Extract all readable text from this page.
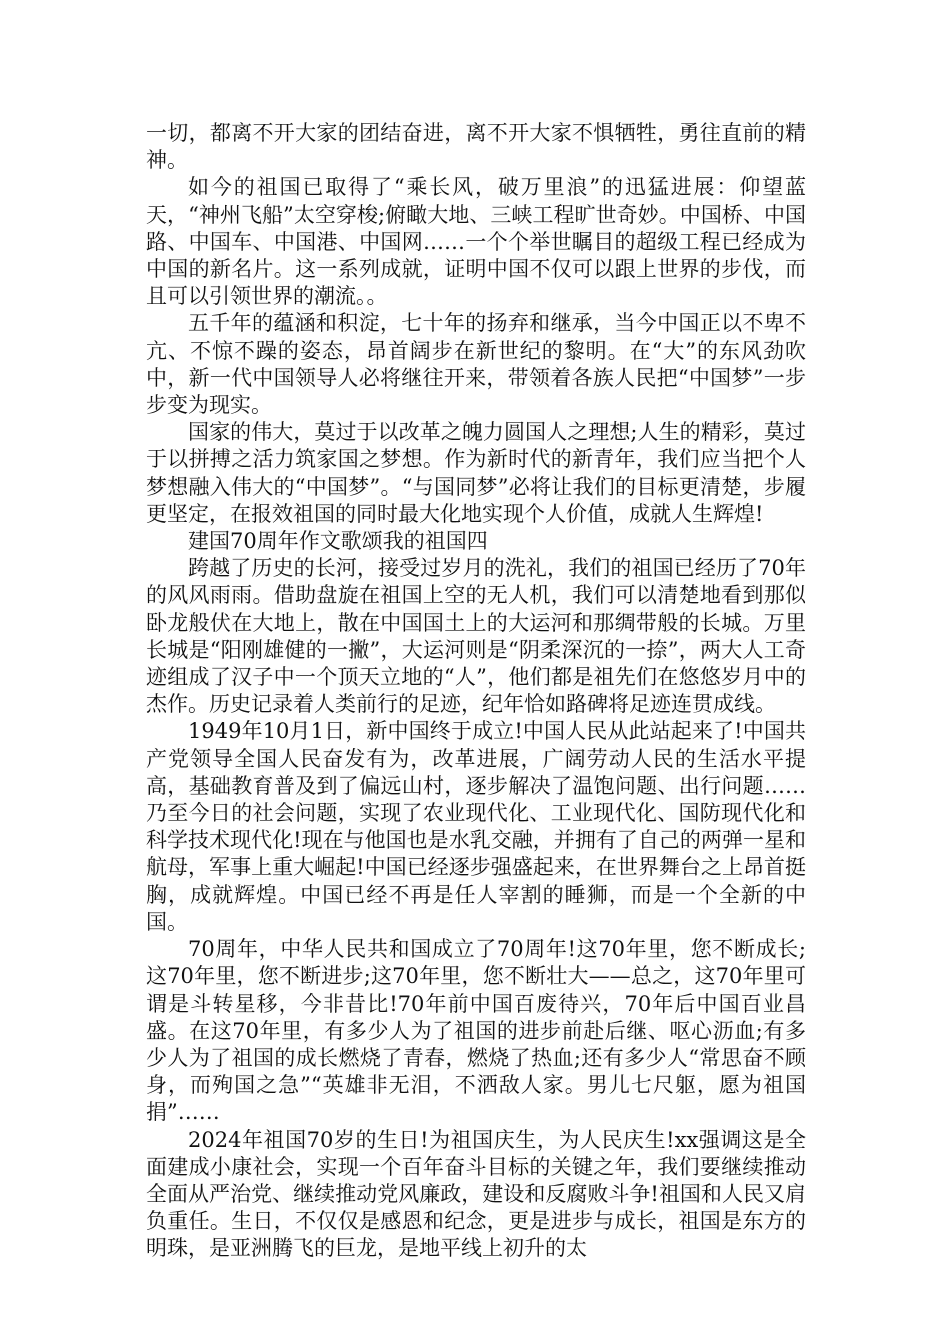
一切，都离不开大家的团结奋进，离不开大家不惧牺牲，勇往直前的精神。

如今的祖国已取得了“乘长风，破万里浪”的迅猛进展：仰望蓝天，“神州飞船”太空穿梭;俯瞰大地、三峡工程旷世奇妙。中国桥、中国路、中国车、中国港、中国网……一个个举世瞩目的超级工程已经成为中国的新名片。这一系列成就，证明中国不仅可以跟上世界的步伐，而且可以引领世界的潮流。。

五千年的蕴涵和积淀，七十年的扬弃和继承，当今中国正以不卑不亢、不惊不躁的姿态，昂首阔步在新世纪的黎明。在“大”的东风劲吹中，新一代中国领导人必将继往开来，带领着各族人民把“中国梦”一步步变为现实。

国家的伟大，莫过于以改革之魄力圆国人之理想;人生的精彩，莫过于以拼搏之活力筑家国之梦想。作为新时代的新青年，我们应当把个人梦想融入伟大的“中国梦”。“与国同梦”必将让我们的目标更清楚，步履更坚定，在报效祖国的同时最大化地实现个人价值，成就人生辉煌!

建国70周年作文歌颂我的祖国四

跨越了历史的长河，接受过岁月的洗礼，我们的祖国已经历了70年的风风雨雨。借助盘旋在祖国上空的无人机，我们可以清楚地看到那似卧龙般伏在大地上，散在中国国土上的大运河和那绸带般的长城。万里长城是“阳刚雄健的一撇”，大运河则是“阴柔深沉的一捺”，两大人工奇迹组成了汉子中一个顶天立地的“人”，他们都是祖先们在悠悠岁月中的杰作。历史记录着人类前行的足迹，纪年恰如路碑将足迹连贯成线。

1949年10月1日，新中国终于成立!中国人民从此站起来了!中国共产党领导全国人民奋发有为，改革进展，广阔劳动人民的生活水平提高，基础教育普及到了偏远山村，逐步解决了温饱问题、出行问题……乃至今日的社会问题，实现了农业现代化、工业现代化、国防现代化和科学技术现代化!现在与他国也是水乳交融，并拥有了自己的两弹一星和航母，军事上重大崛起!中国已经逐步强盛起来，在世界舞台之上昂首挺胸，成就辉煌。中国已经不再是任人宰割的睡狮，而是一个全新的中国。

70周年，中华人民共和国成立了70周年!这70年里，您不断成长;这70年里，您不断进步;这70年里，您不断壮大——总之，这70年里可谓是斗转星移，今非昔比!70年前中国百废待兴，70年后中国百业昌盛。在这70年里，有多少人为了祖国的进步前赴后继、呕心沥血;有多少人为了祖国的成长燃烧了青春，燃烧了热血;还有多少人“常思奋不顾身，而殉国之急”“英雄非无泪，不洒敌人家。男儿七尺躯，愿为祖国捐”……

2024年祖国70岁的生日!为祖国庆生，为人民庆生!xx强调这是全面建成小康社会，实现一个百年奋斗目标的关键之年，我们要继续推动全面从严治党、继续推动党风廉政，建设和反腐败斗争!祖国和人民又肩负重任。生日，不仅仅是感恩和纪念，更是进步与成长，祖国是东方的明珠，是亚洲腾飞的巨龙，是地平线上初升的太
